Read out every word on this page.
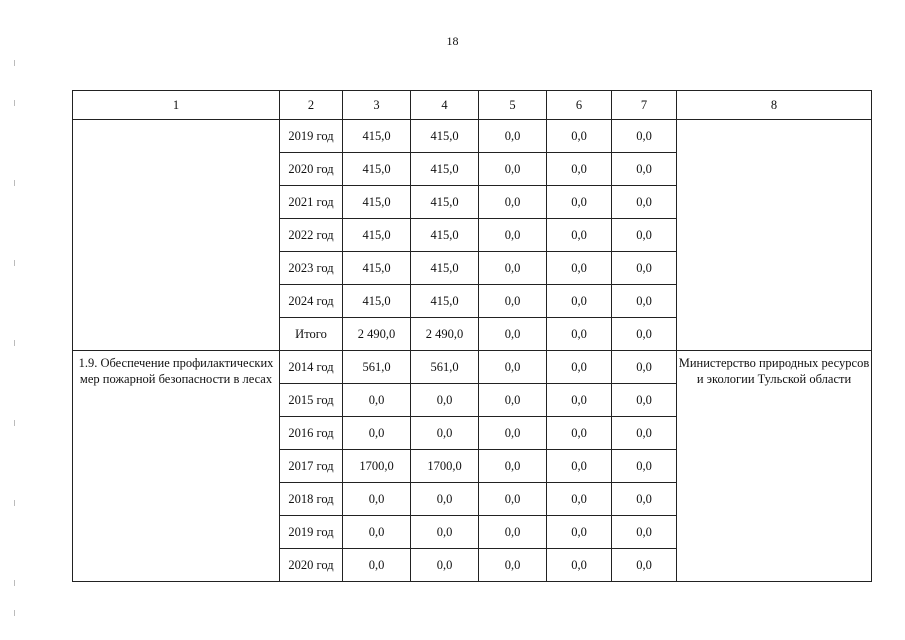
18
1	2	3	4	5	6	7	8
	2019 год	415,0	415,0	0,0	0,0	0,0	
	2020 год	415,0	415,0	0,0	0,0	0,0	
	2021 год	415,0	415,0	0,0	0,0	0,0	
	2022 год	415,0	415,0	0,0	0,0	0,0	
	2023 год	415,0	415,0	0,0	0,0	0,0	
	2024 год	415,0	415,0	0,0	0,0	0,0	
	Итого	2 490,0	2 490,0	0,0	0,0	0,0	
1.9. Обеспечение профилактических мер пожарной безопасности в лесах	2014 год	561,0	561,0	0,0	0,0	0,0	Министерство природных ресурсов и экологии Тульской области
	2015 год	0,0	0,0	0,0	0,0	0,0	
	2016 год	0,0	0,0	0,0	0,0	0,0	
	2017 год	1700,0	1700,0	0,0	0,0	0,0	
	2018 год	0,0	0,0	0,0	0,0	0,0	
	2019 год	0,0	0,0	0,0	0,0	0,0	
	2020 год	0,0	0,0	0,0	0,0	0,0	
